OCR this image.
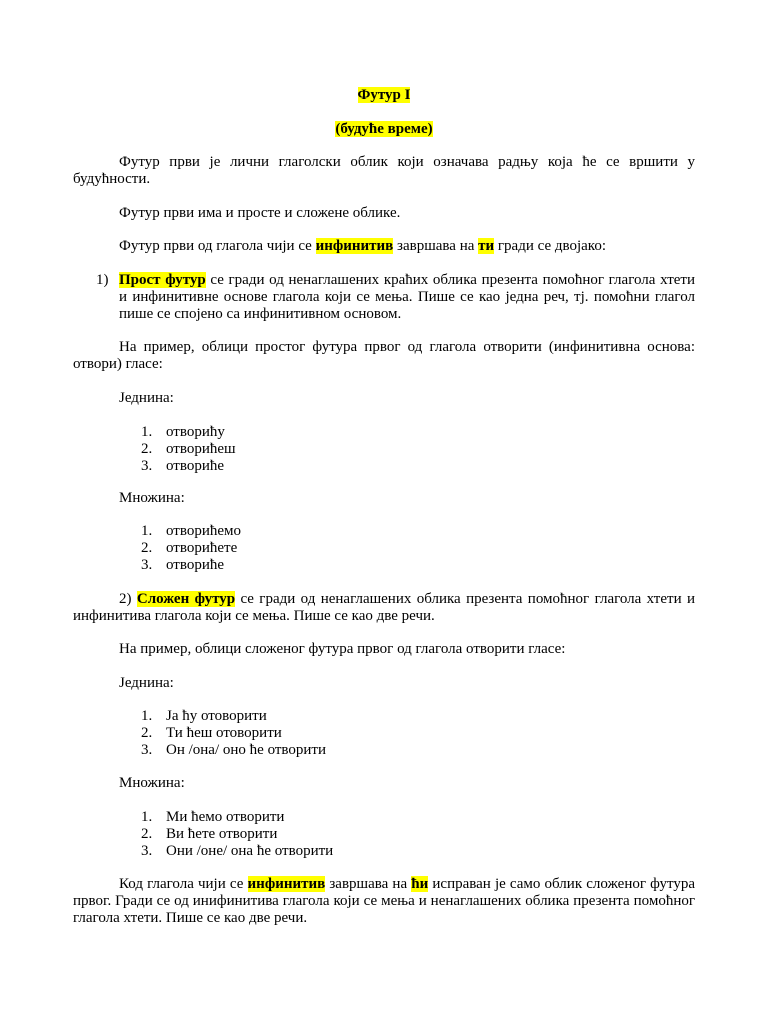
Футур I
(будуће време)
Футур први је лични глаголски облик који означава радњу која ће се вршити у будућности.
Футур први има и просте и сложене облике.
Футур први од глагола чији се инфинитив завршава на ти гради се двојако:
1) Прост футур се гради од ненаглашених краћих облика презента помоћног глагола хтети и инфинитивне основе глагола који се мења. Пише се као једна реч, тј. помоћни глагол пише се спојено са инфинитивном основом.
На пример, облици простог футура првог од глагола отворити (инфинитивна основа: отвори) гласе:
Једнина:
1. отворићу
2. отворићеш
3. отвориће
Множина:
1. отворићемо
2. отворићете
3. отвориће
2) Сложен футур се гради од ненаглашених облика презента помоћног глагола хтети и инфинитива глагола који се мења. Пише се као две речи.
На пример, облици сложеног футура првог од глагола отворити гласе:
Једнина:
1. Ја ћу отоворити
2. Ти ћеш отоворити
3. Он /она/ оно ће отворити
Множина:
1. Ми ћемо отворити
2. Ви ћете отворити
3. Они /оне/ она ће отворити
Код глагола чији се инфинитив завршава на ћи исправан је само облик сложеног футура првог. Гради се од инифинитива глагола који се мења и ненаглашених облика презента помоћног глагола хтети. Пише се као две речи.
